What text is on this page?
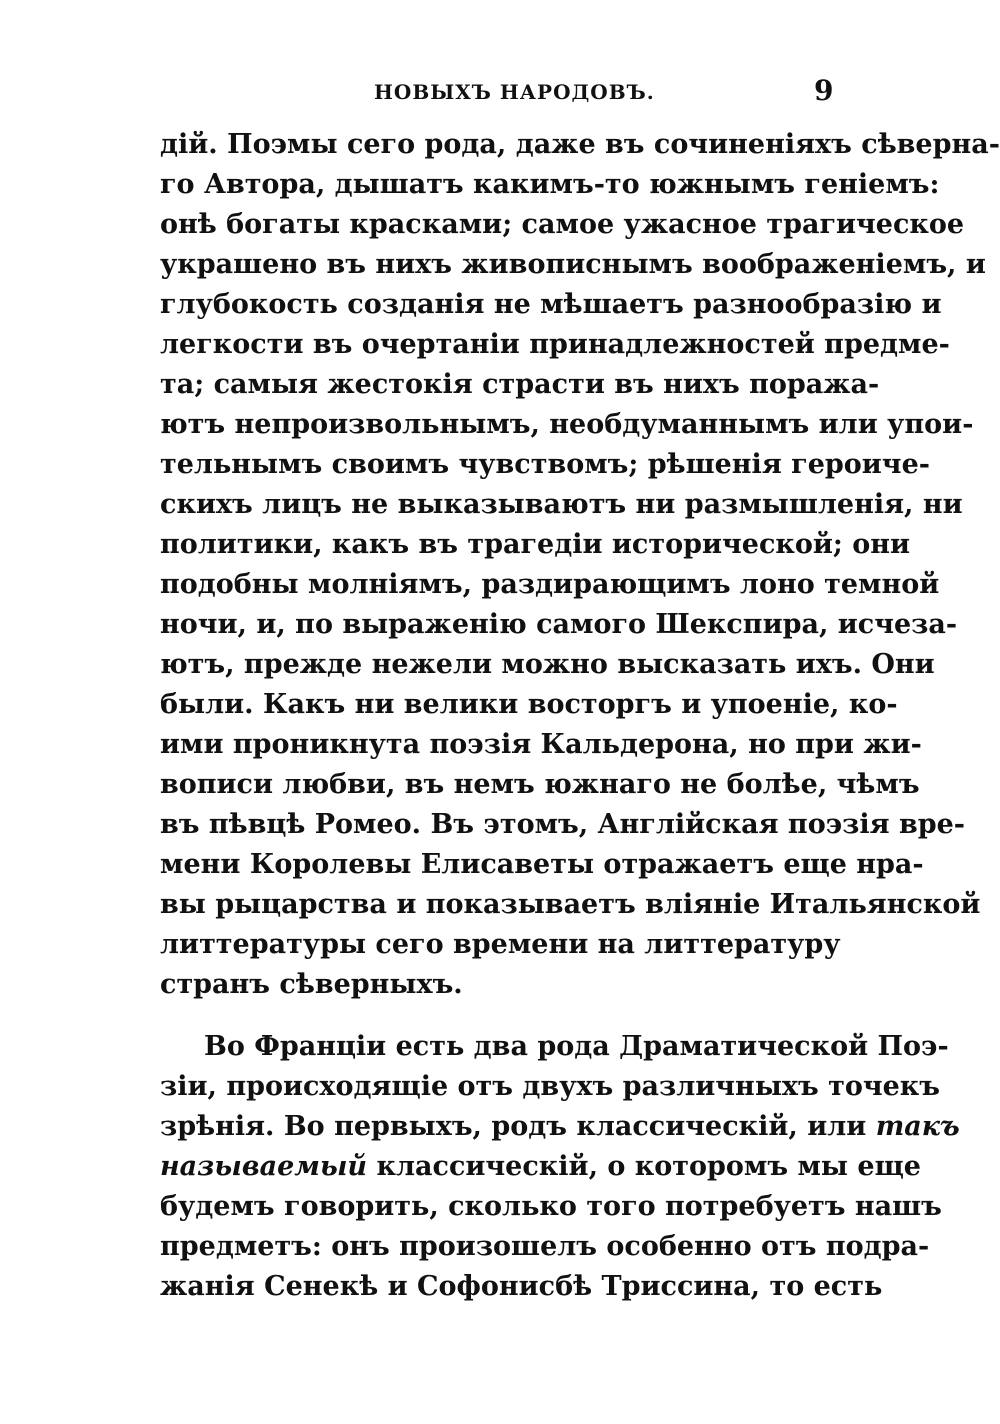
НОВЫХЪ НАРОДОВЪ.	9
дій. Поэмы сего рода, даже въ сочиненіяхъ сѣверна-
го Автора, дышатъ какимъ-то южнымъ геніемъ:
онѣ богаты красками; самое ужасное трагическое
украшено въ нихъ живописнымъ воображеніемъ, и
глубокость созданія не мѣшаетъ разнообразію и
легкости въ очертаніи принадлежностей предме-
та; самыя жестокія страсти въ нихъ поража-
ютъ непроизвольнымъ, необдуманнымъ или упои-
тельнымъ своимъ чувствомъ; рѣшенія героиче-
скихъ лицъ не выказываютъ ни размышленія, ни
политики, какъ въ трагедіи исторической; они
подобны молніямъ, раздирающимъ лоно темной
ночи, и, по выраженію самого Шекспира, исчеза-
ютъ, прежде нежели можно высказать ихъ. Они
были. Какъ ни велики восторгъ и упоеніе, ко-
ими проникнута поэзія Кальдерона, но при жи-
вописи любви, въ немъ южнаго не болѣе, чѣмъ
въ пѣвцѣ Ромео. Въ этомъ, Англійская поэзія вре-
мени Королевы Елисаветы отражаетъ еще нра-
вы рыцарства и показываетъ вліяніе Итальянской
литтературы сего времени на литтературу
странъ сѣверныхъ.
Во Франціи есть два рода Драматической Поэ-
зіи, происходящіе отъ двухъ различныхъ точекъ
зрѣнія. Во первыхъ, родъ классическій, или такъ
называемый классическій, о которомъ мы еще
будемъ говорить, сколько того потребуетъ нашъ
предметъ: онъ произошелъ особенно отъ подра-
жанія Сенекѣ и Софонисбѣ Триссина, то есть
